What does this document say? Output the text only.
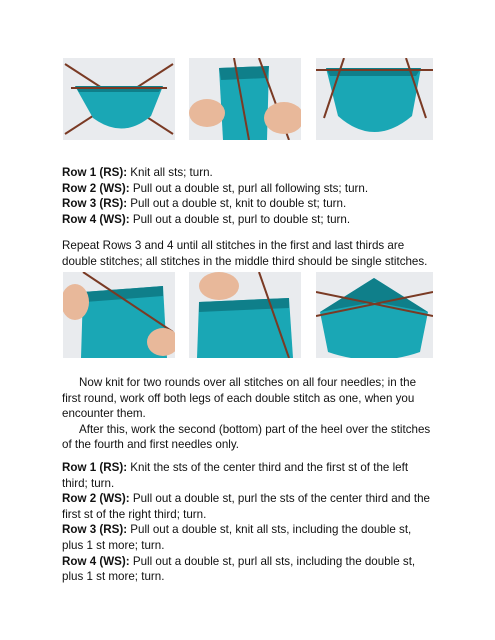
Row 1 (RS): Knit all sts; turn.

Row 2 (WS): Pull out a double st, purl all following sts; turn.

Row 3 (RS): Pull out a double st, knit to double st; turn.

Row 4 (WS): Pull out a double st, purl to double st; turn.

Repeat Rows 3 and 4 until all stitches in the first and last thirds are double stitches; all stitches in the middle third should be single stitches.

Now knit for two rounds over all stitches on all four needles; in the first round, work off both legs of each double stitch as one, when you encounter them.

After this, work the second (bottom) part of the heel over the stitches of the fourth and first needles only.

Row 1 (RS): Knit the sts of the center third and the first st of the left third; turn.

Row 2 (WS): Pull out a double st, purl the sts of the center third and the first st of the right third; turn.

Row 3 (RS): Pull out a double st, knit all sts, including the double st, plus 1 st more; turn.

Row 4 (WS): Pull out a double st, purl all sts, including the double st, plus 1 st more; turn.
